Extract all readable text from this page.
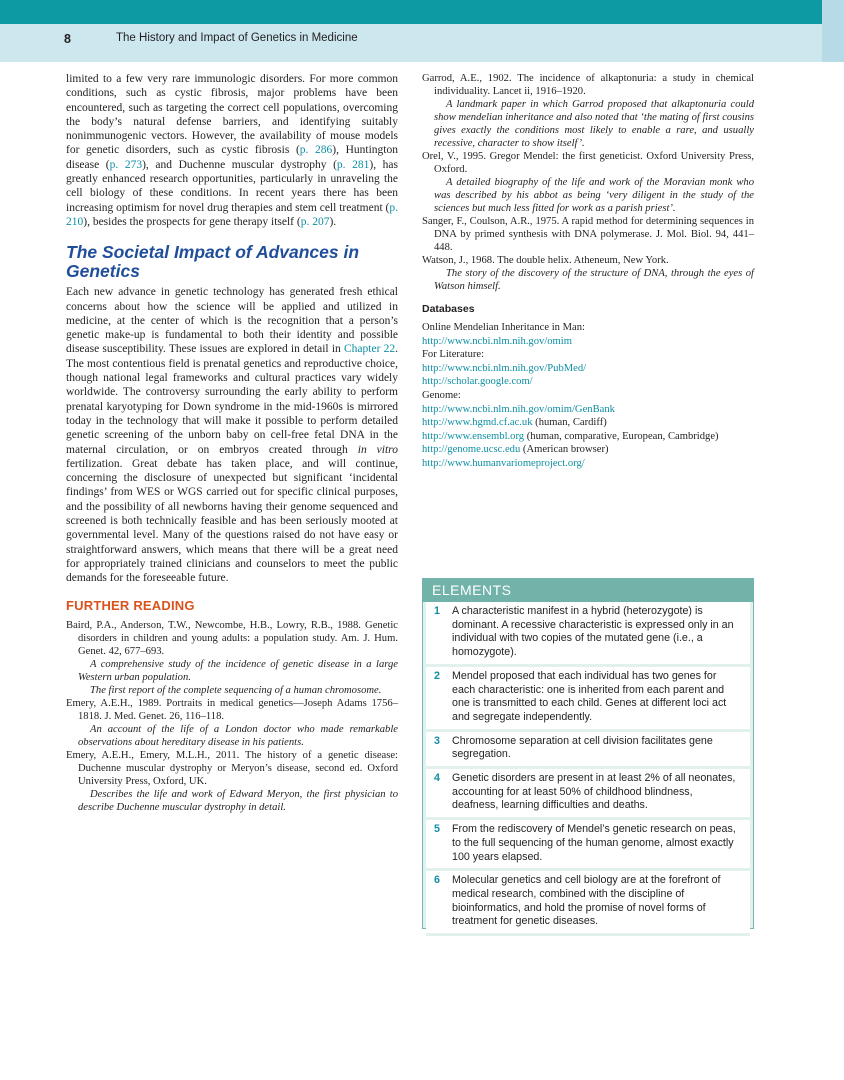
8	The History and Impact of Genetics in Medicine

limited to a few very rare immunologic disorders. For more common conditions, such as cystic fibrosis, major problems have been encountered, such as targeting the correct cell populations, overcoming the body’s natural defense barriers, and identifying suitably nonimmunogenic vectors. However, the availability of mouse models for genetic disorders, such as cystic fibrosis (p. 286), Huntington disease (p. 273), and Duchenne muscular dystrophy (p. 281), has greatly enhanced research opportunities, particularly in unraveling the cell biology of these conditions. In recent years there has been increasing optimism for novel drug therapies and stem cell treatment (p. 210), besides the prospects for gene therapy itself (p. 207).

The Societal Impact of Advances in Genetics

Each new advance in genetic technology has generated fresh ethical concerns about how the science will be applied and utilized in medicine, at the center of which is the recognition that a person’s genetic make-up is fundamental to both their identity and possible disease susceptibility. These issues are explored in detail in Chapter 22. The most contentious field is prenatal genetics and reproductive choice, though national legal frameworks and cultural practices vary widely worldwide. The controversy surrounding the early ability to perform prenatal karyotyping for Down syndrome in the mid-1960s is mirrored today in the technology that will make it possible to perform detailed genetic screening of the unborn baby on cell-free fetal DNA in the maternal circulation, or on embryos created through in vitro fertilization. Great debate has taken place, and will continue, concerning the disclosure of unexpected but significant ‘incidental findings’ from WES or WGS carried out for specific clinical purposes, and the possibility of all newborns having their genome sequenced and screened is both technically feasible and has been seriously mooted at governmental level. Many of the questions raised do not have easy or straightforward answers, which means that there will be a great need for appropriately trained clinicians and counselors to meet the public demands for the foreseeable future.

FURTHER READING

Baird, P.A., Anderson, T.W., Newcombe, H.B., Lowry, R.B., 1988. Genetic disorders in children and young adults: a population study. Am. J. Hum. Genet. 42, 677–693.

A comprehensive study of the incidence of genetic disease in a large Western urban population.

The first report of the complete sequencing of a human chromosome.

Emery, A.E.H., 1989. Portraits in medical genetics—Joseph Adams 1756–1818. J. Med. Genet. 26, 116–118.

An account of the life of a London doctor who made remarkable observations about hereditary disease in his patients.

Emery, A.E.H., Emery, M.L.H., 2011. The history of a genetic disease: Duchenne muscular dystrophy or Meryon’s disease, second ed. Oxford University Press, Oxford, UK.

Describes the life and work of Edward Meryon, the first physician to describe Duchenne muscular dystrophy in detail.

Garrod, A.E., 1902. The incidence of alkaptonuria: a study in chemical individuality. Lancet ii, 1916–1920.

A landmark paper in which Garrod proposed that alkaptonuria could show mendelian inheritance and also noted that ‘the mating of first cousins gives exactly the conditions most likely to enable a rare, and usually recessive, character to show itself’.

Orel, V., 1995. Gregor Mendel: the first geneticist. Oxford University Press, Oxford.

A detailed biography of the life and work of the Moravian monk who was described by his abbot as being ‘very diligent in the study of the sciences but much less fitted for work as a parish priest’.

Sanger, F., Coulson, A.R., 1975. A rapid method for determining sequences in DNA by primed synthesis with DNA polymerase. J. Mol. Biol. 94, 441–448.

Watson, J., 1968. The double helix. Atheneum, New York.

The story of the discovery of the structure of DNA, through the eyes of Watson himself.

Databases

Online Mendelian Inheritance in Man:

http://www.ncbi.nlm.nih.gov/omim

For Literature:

http://www.ncbi.nlm.nih.gov/PubMed/

http://scholar.google.com/

Genome:

http://www.ncbi.nlm.nih.gov/omim/GenBank

http://www.hgmd.cf.ac.uk (human, Cardiff)

http://www.ensembl.org (human, comparative, European, Cambridge)

http://genome.ucsc.edu (American browser)

http://www.humanvariomeproject.org/

ELEMENTS
1 A characteristic manifest in a hybrid (heterozygote) is dominant. A recessive characteristic is expressed only in an individual with two copies of the mutated gene (i.e., a homozygote).
2 Mendel proposed that each individual has two genes for each characteristic: one is inherited from each parent and one is transmitted to each child. Genes at different loci act and segregate independently.
3 Chromosome separation at cell division facilitates gene segregation.
4 Genetic disorders are present in at least 2% of all neonates, accounting for at least 50% of childhood blindness, deafness, learning difficulties and deaths.
5 From the rediscovery of Mendel’s genetic research on peas, to the full sequencing of the human genome, almost exactly 100 years elapsed.
6 Molecular genetics and cell biology are at the forefront of medical research, combined with the discipline of bioinformatics, and hold the promise of novel forms of treatment for genetic diseases.
